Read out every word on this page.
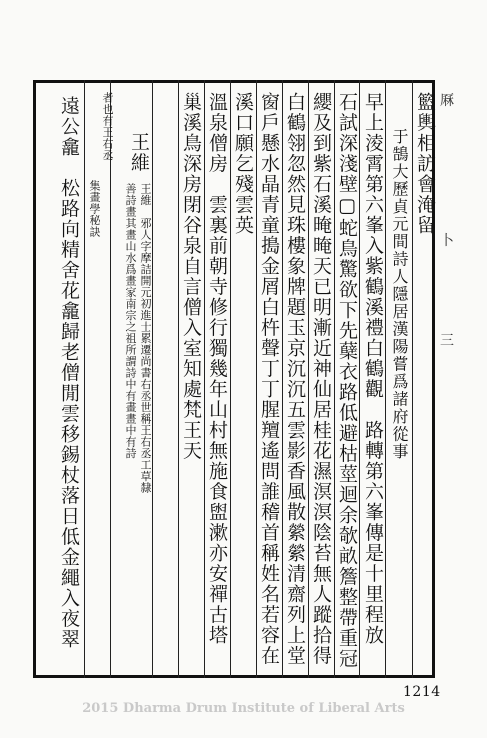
籃輿相訪會淹留
于鵠大歷貞元間詩人隱居漢陽嘗爲諸府從事
早上淩霄第六峯入紫鶴溪禮白鶴觀　路轉第六峯傳是十里程放
石試深淺壁▢蛇鳥驚欲下先蘖衣路低避枯莖迴余欹畝簷整帶重冠
纓及到紫石溪晻晻天已明漸近神仙居桂花濕溟溟陰苔無人蹤拾得
白鶴翎忽然見珠樓象牌題玉京沉沉五雲影香風散縈縈清齋列上堂
窗戶懸水晶青童搗金屑白杵聲丁丁腥羶遙問誰稽首稱姓名若容在
溪口願乞殘雲英
溫泉僧房　雲裏前朝寺修行獨幾年山村無施食盥漱亦安禪古塔
巢溪鳥深房閉谷泉自言僧入室知處梵王天
王維
王維　邪人字摩詰開元初進士累遷尚書右丞世稱王右丞工草隸
善詩畫其畫山水爲畫家南宗之祖所謂詩中有畫畫中有詩
者也有王右丞
集畫學秘訣
遠公龕　松路向精舍花龕歸老僧閒雲移錫杖落日低金繩入夜翠	厤
卜
三
1214
2015 Dharma Drum Institute of Liberal Arts
